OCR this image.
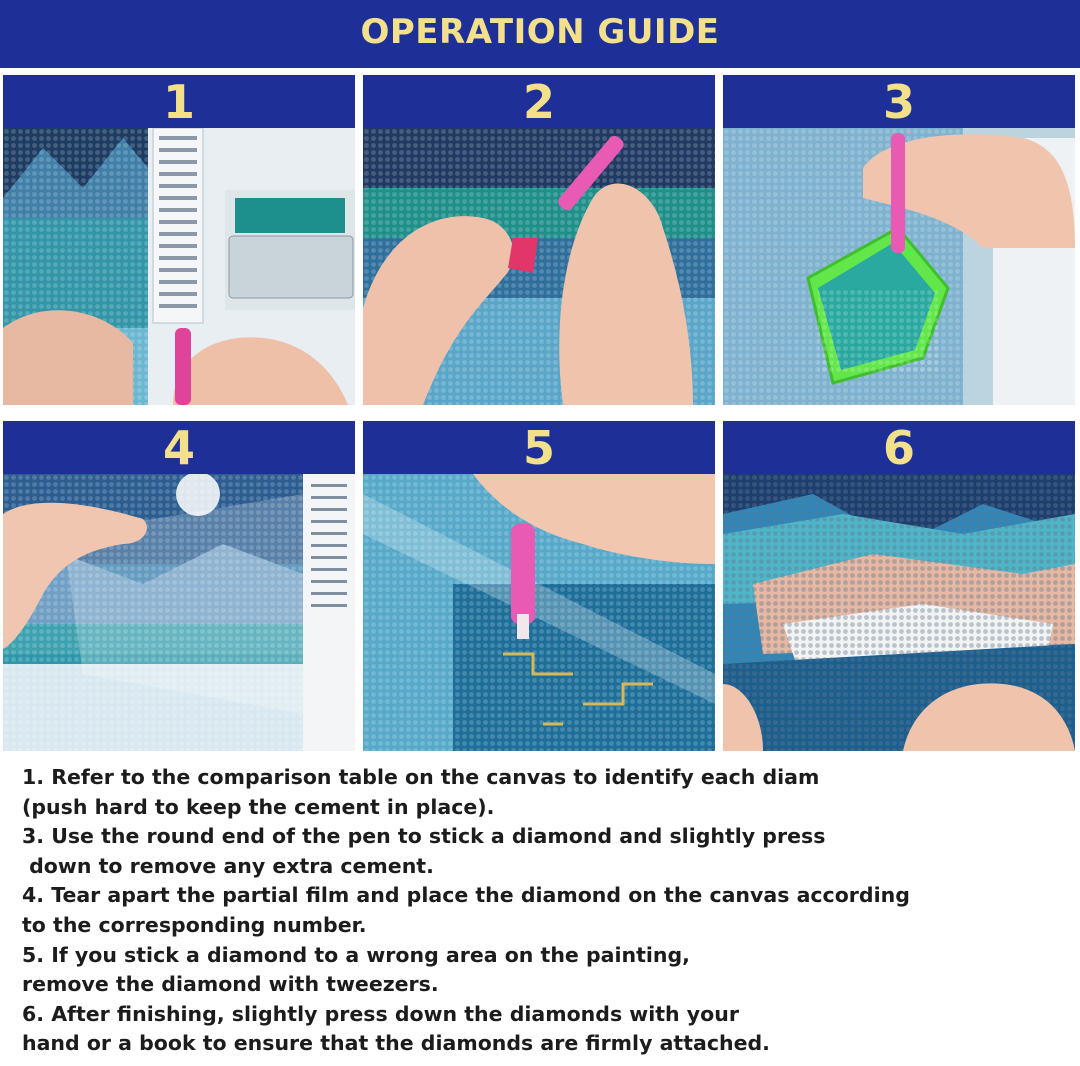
OPERATION GUIDE
1	2	3
4	5	6
1. Refer to the comparison table on the canvas to identify each diam
(push hard to keep the cement in place).
3. Use the round end of the pen to stick a diamond and slightly press
down to remove any extra cement.
4. Tear apart the partial film and place the diamond on the canvas according
to the corresponding number.
5. If you stick a diamond to a wrong area on the painting,
remove the diamond with tweezers.
6. After finishing, slightly press down the diamonds with your
hand or a book to ensure that the diamonds are firmly attached.
